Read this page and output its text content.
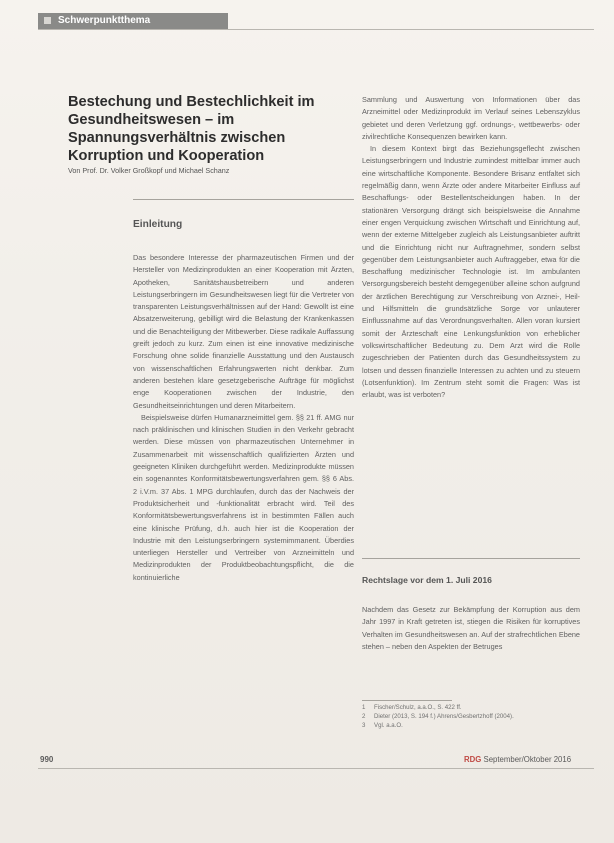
Schwerpunktthema
Bestechung und Bestechlichkeit im Gesundheitswesen – im Spannungsverhältnis zwischen Korruption und Kooperation
Von Prof. Dr. Volker Großkopf und Michael Schanz
Einleitung

Das besondere Interesse der pharmazeutischen Firmen und der Hersteller von Medizinprodukten an einer Kooperation mit Ärzten, Apotheken, Sanitätshausbetreibern und anderen Leistungserbringern im Gesundheitswesen liegt für die Vertreter von transparenten Leistungsverhältnissen auf der Hand: Gewollt ist eine Absatzerweiterung, gebilligt wird die Belastung der Krankenkassen und die Benachteiligung der Mitbewerber. Diese radikale Auffassung greift jedoch zu kurz. Zum einen ist eine innovative medizinische Forschung ohne solide finanzielle Ausstattung und den Austausch von wissenschaftlichen Erfahrungswerten nicht denkbar. Zum anderen bestehen klare gesetzgeberische Aufträge für möglichst enge Kooperationen zwischen der Industrie, den Gesundheitseinrichtungen und deren Mitarbeitern.

Beispielsweise dürfen Humanarzneimittel gem. §§ 21 ff. AMG nur nach präklinischen und klinischen Studien in den Verkehr gebracht werden. Diese müssen von pharmazeutischen Unternehmer in Zusammenarbeit mit wissenschaftlich qualifizierten Ärzten und geeigneten Kliniken durchgeführt werden. Medizinprodukte müssen ein sogenanntes Konformitätsbewertungsverfahren gem. §§ 6 Abs. 2 i.V.m. 37 Abs. 1 MPG durchlaufen, durch das der Nachweis der Produktsicherheit und -funktionalität erbracht wird. Teil des Konformitätsbewertungsverfahrens ist in bestimmten Fällen auch eine klinische Prüfung, d.h. auch hier ist die Kooperation der Industrie mit den Leistungserbringern systemimmanent. Überdies unterliegen Hersteller und Vertreiber von Arzneimitteln und Medizinprodukten der Produktbeobachtungspflicht, die die kontinuierliche

Sammlung und Auswertung von Informationen über das Arzneimittel oder Medizinprodukt im Verlauf seines Lebenszyklus gebietet und deren Verletzung ggf. ordnungs-, wettbewerbs- oder zivilrechtliche Konsequenzen bewirken kann.

In diesem Kontext birgt das Beziehungsgeflecht zwischen Leistungserbringern und Industrie zumindest mittelbar immer auch eine wirtschaftliche Komponente. Besondere Brisanz entfaltet sich regelmäßig dann, wenn Ärzte oder andere Mitarbeiter Einfluss auf Beschaffungs- oder Bestellentscheidungen haben. In der stationären Versorgung drängt sich beispielsweise die Annahme einer engen Verquickung zwischen Wirtschaft und Einrichtung auf, wenn der externe Mittelgeber zugleich als Leistungsanbieter auftritt und die Einrichtung nicht nur Auftragnehmer, sondern selbst gegenüber dem Leistungsanbieter auch Auftraggeber, etwa für die Beschaffung medizinischer Technologie ist. Im ambulanten Versorgungsbereich besteht demgegenüber alleine schon aufgrund der ärztlichen Berechtigung zur Verschreibung von Arznei-, Heil- und Hilfsmitteln die grundsätzliche Sorge vor unlauterer Einflussnahme auf das Verordnungsverhalten. Allen voran kursiert somit der Ärzteschaft eine Lenkungsfunktion von erheblicher volkswirtschaftlicher Bedeutung zu. Dem Arzt wird die Rolle zugeschrieben der Patienten durch das Gesundheitssystem zu lotsen und dessen finanzielle Interessen zu achten und zu steuern (Lotsenfunktion). Im Zentrum steht somit die Fragen: Was ist erlaubt, was ist verboten?

Rechtslage vor dem 1. Juli 2016

Nachdem das Gesetz zur Bekämpfung der Korruption aus dem Jahr 1997 in Kraft getreten ist, stiegen die Risiken für korruptives Verhalten im Gesundheitswesen an. Auf der strafrechtlichen Ebene stehen – neben den Aspekten der Betruges

1	Fischer/Schulz, a.a.O., S. 422 ff.
2	Dieter (2013, S. 194 f.) Ahrens/Gesbertzhoff (2004).
3	Vgl. a.a.O.
990	RDG September/Oktober 2016
